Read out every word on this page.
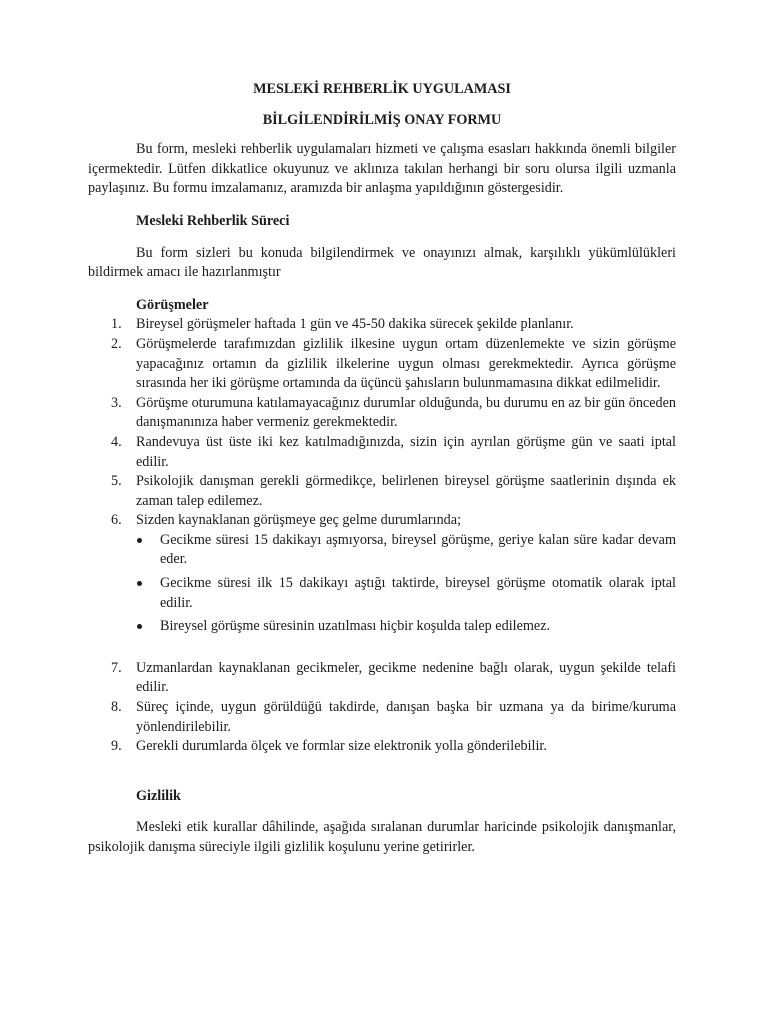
MESLEKİ REHBERLİK UYGULAMASI
BİLGİLENDİRİLMİŞ ONAY FORMU

Bu form, mesleki rehberlik uygulamaları hizmeti ve çalışma esasları hakkında önemli bilgiler içermektedir. Lütfen dikkatlice okuyunuz ve aklınıza takılan herhangi bir soru olursa ilgili uzmanla paylaşınız. Bu formu imzalamanız, aramızda bir anlaşma yapıldığının göstergesidir.

Mesleki Rehberlik Süreci

Bu form sizleri bu konuda bilgilendirmek ve onayınızı almak, karşılıklı yükümlülükleri bildirmek amacı ile hazırlanmıştır

Görüşmeler
1.	Bireysel görüşmeler haftada 1 gün ve 45-50 dakika sürecek şekilde planlanır.
2.	Görüşmelerde tarafımızdan gizlilik ilkesine uygun ortam düzenlemekte ve sizin görüşme yapacağınız ortamın da gizlilik ilkelerine uygun olması gerekmektedir. Ayrıca görüşme sırasında her iki görüşme ortamında da üçüncü şahısların bulunmamasına dikkat edilmelidir.
3.	Görüşme oturumuna katılamayacağınız durumlar olduğunda, bu durumu en az bir gün önceden danışmanınıza haber vermeniz gerekmektedir.
4.	Randevuya üst üste iki kez katılmadığınızda, sizin için ayrılan görüşme gün ve saati iptal edilir.
5.	Psikolojik danışman gerekli görmedikçe, belirlenen bireysel görüşme saatlerinin dışında ek zaman talep edilemez.
6.	Sizden kaynaklanan görüşmeye geç gelme durumlarında;
Gecikme süresi 15 dakikayı aşmıyorsa, bireysel görüşme, geriye kalan süre kadar devam eder.
Gecikme süresi ilk 15 dakikayı aştığı taktirde, bireysel görüşme otomatik olarak iptal edilir.
Bireysel görüşme süresinin uzatılması hiçbir koşulda talep edilemez.
7.	Uzmanlardan kaynaklanan gecikmeler, gecikme nedenine bağlı olarak, uygun şekilde telafi edilir.
8.	Süreç içinde, uygun görüldüğü takdirde, danışan başka bir uzmana ya da birime/kuruma yönlendirilebilir.
9.	Gerekli durumlarda ölçek ve formlar size elektronik yolla gönderilebilir.
Gizlilik

Mesleki etik kurallar dâhilinde, aşağıda sıralanan durumlar haricinde psikolojik danışmanlar, psikolojik danışma süreciyle ilgili gizlilik koşulunu yerine getirirler.
